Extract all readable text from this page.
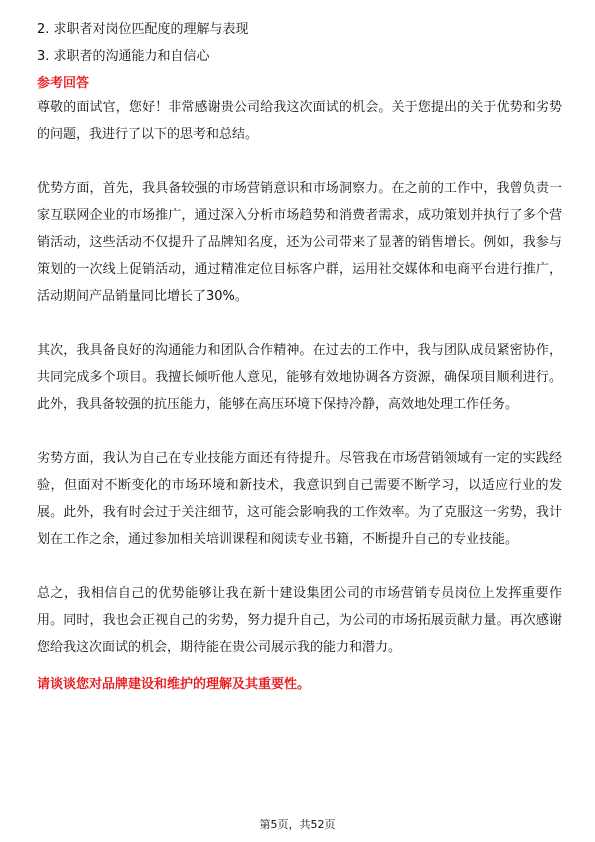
2. 求职者对岗位匹配度的理解与表现

3. 求职者的沟通能力和自信心

参考回答

尊敬的面试官，您好！非常感谢贵公司给我这次面试的机会。关于您提出的关于优势和劣势的问题，我进行了以下的思考和总结。

优势方面，首先，我具备较强的市场营销意识和市场洞察力。在之前的工作中，我曾负责一家互联网企业的市场推广，通过深入分析市场趋势和消费者需求，成功策划并执行了多个营销活动，这些活动不仅提升了品牌知名度，还为公司带来了显著的销售增长。例如，我参与策划的一次线上促销活动，通过精准定位目标客户群，运用社交媒体和电商平台进行推广，活动期间产品销量同比增长了30%。

其次，我具备良好的沟通能力和团队合作精神。在过去的工作中，我与团队成员紧密协作，共同完成多个项目。我擅长倾听他人意见，能够有效地协调各方资源，确保项目顺利进行。此外，我具备较强的抗压能力，能够在高压环境下保持冷静，高效地处理工作任务。

劣势方面，我认为自己在专业技能方面还有待提升。尽管我在市场营销领域有一定的实践经验，但面对不断变化的市场环境和新技术，我意识到自己需要不断学习，以适应行业的发展。此外，我有时会过于关注细节，这可能会影响我的工作效率。为了克服这一劣势，我计划在工作之余，通过参加相关培训课程和阅读专业书籍，不断提升自己的专业技能。

总之，我相信自己的优势能够让我在新十建设集团公司的市场营销专员岗位上发挥重要作用。同时，我也会正视自己的劣势，努力提升自己，为公司的市场拓展贡献力量。再次感谢您给我这次面试的机会，期待能在贵公司展示我的能力和潜力。

请谈谈您对品牌建设和维护的理解及其重要性。

第5页，共52页
